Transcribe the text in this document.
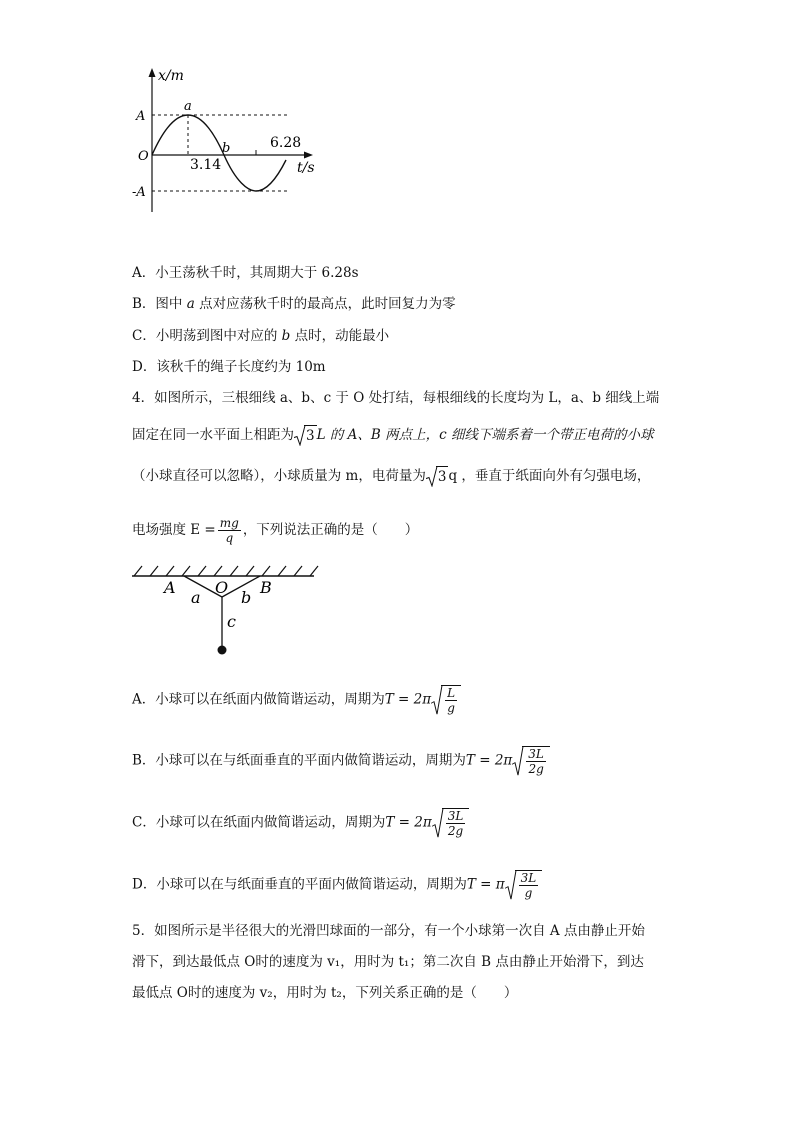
x/m
A
O
-A
a
b
3.14
6.28
t/s
A．小王荡秋千时，其周期大于 6.28s
B．图中 a 点对应荡秋千时的最高点，此时回复力为零
C．小明荡到图中对应的 b 点时，动能最小
D．该秋千的绳子长度约为 10m
4．如图所示，三根细线 a、b、c 于 O 处打结，每根细线的长度均为 L，a、b 细线上端
固定在同一水平面上相距为 3 L 的 A、B 两点上，c 细线下端系着一个带正电荷的小球
（小球直径可以忽略），小球质量为 m，电荷量为 3 q ，垂直于纸面向外有匀强电场，
电场强度 $E = \frac{mg}{q}$ ，下列说法正确的是（　　）
A O B
a	b
c
A．小球可以在纸面内做简谐运动，周期为$T = 2\pi \frac{L}{g}$
B．小球可以在与纸面垂直的平面内做简谐运动，周期为$T = 2\pi \frac{3L}{2g}$
C．小球可以在纸面内做简谐运动，周期为$T = 2\pi \frac{3L}{2g}$
D．小球可以在与纸面垂直的平面内做简谐运动，周期为T = π $\frac{3L}{g}$
5．如图所示是半径很大的光滑凹球面的一部分，有一个小球第一次自 A 点由静止开始
滑下，到达最低点 O时的速度为 v₁，用时为 t₁；第二次自 B 点由静止开始滑下，到达
最低点 O时的速度为 v₂，用时为 t₂，下列关系正确的是（　　）
